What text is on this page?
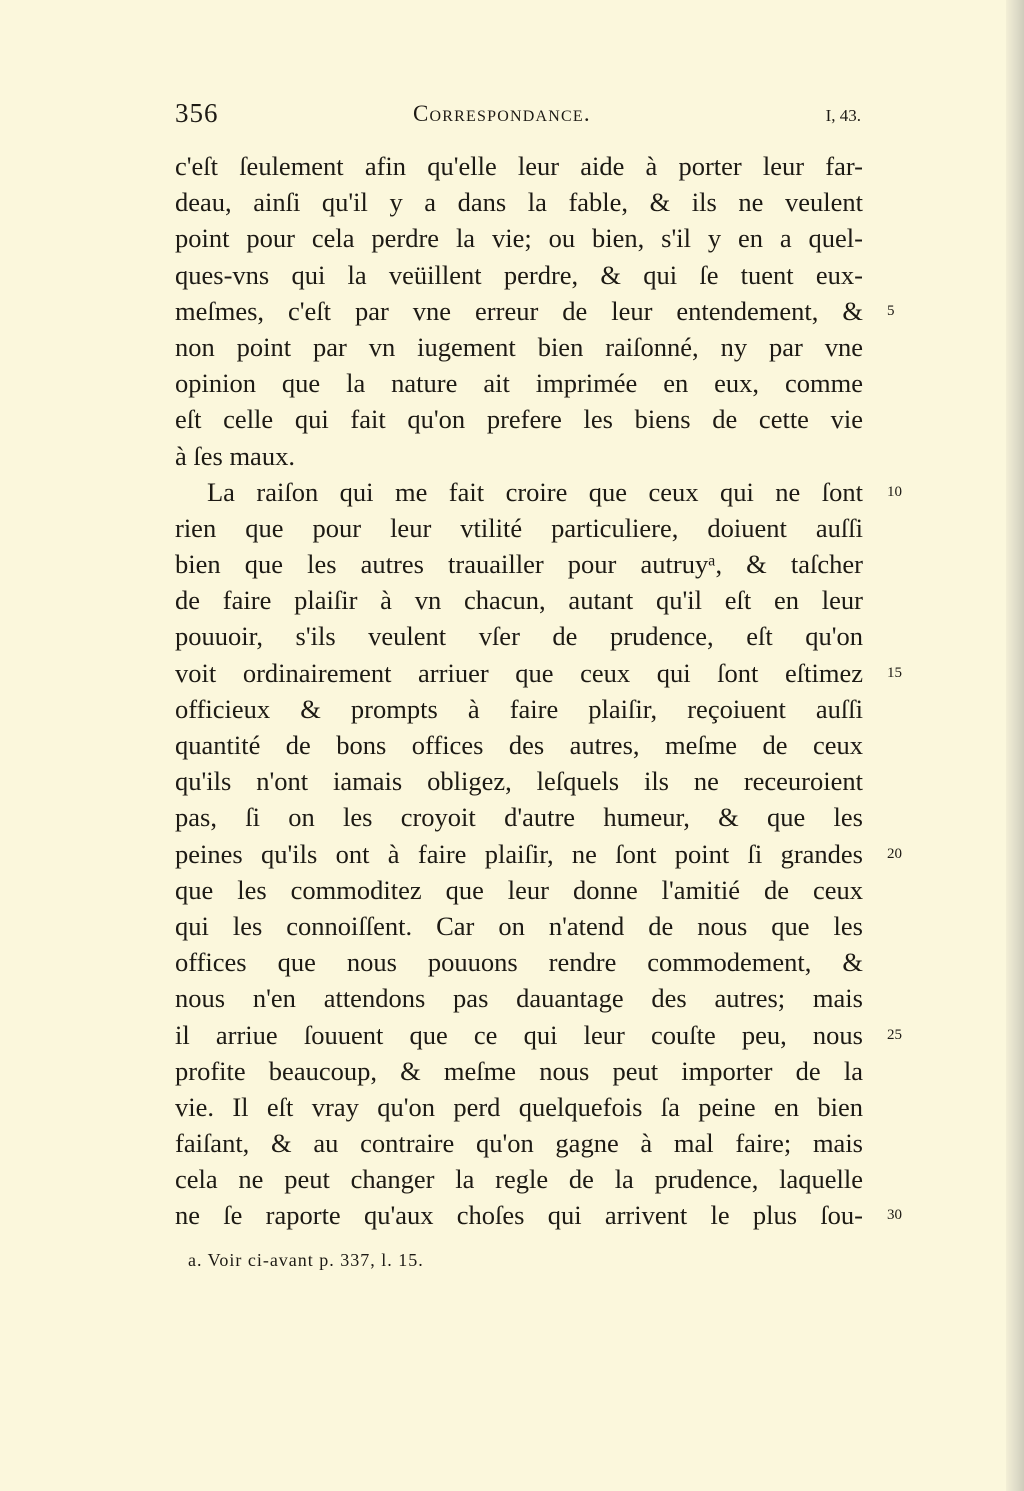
356	Correspondance.	I, 43.
c'eſt ſeulement afin qu'elle leur aide à porter leur far-
deau, ainſi qu'il y a dans la fable, & ils ne veulent
point pour cela perdre la vie; ou bien, s'il y en a quel-
ques-vns qui la veüillent perdre, & qui ſe tuent eux-
meſmes, c'eſt par vne erreur de leur entendement, & 5
non point par vn iugement bien raiſonné, ny par vne
opinion que la nature ait imprimée en eux, comme
eſt celle qui fait qu'on prefere les biens de cette vie
à ſes maux.
La raiſon qui me fait croire que ceux qui ne ſont 10
rien que pour leur vtilité particuliere, doiuent auſſi
bien que les autres trauailler pour autruyᵃ, & taſcher
de faire plaiſir à vn chacun, autant qu'il eſt en leur
pouuoir, s'ils veulent vſer de prudence, eſt qu'on
voit ordinairement arriuer que ceux qui ſont eſtimez 15
officieux & prompts à faire plaiſir, reçoiuent auſſi
quantité de bons offices des autres, meſme de ceux
qu'ils n'ont iamais obligez, leſquels ils ne receuroient
pas, ſi on les croyoit d'autre humeur, & que les
peines qu'ils ont à faire plaiſir, ne ſont point ſi grandes 20
que les commoditez que leur donne l'amitié de ceux
qui les connoiſſent. Car on n'atend de nous que les
offices que nous pouuons rendre commodement, &
nous n'en attendons pas dauantage des autres; mais
il arriue ſouuent que ce qui leur couſte peu, nous 25
profite beaucoup, & meſme nous peut importer de la
vie. Il eſt vray qu'on perd quelquefois ſa peine en bien
faiſant, & au contraire qu'on gagne à mal faire; mais
cela ne peut changer la regle de la prudence, laquelle
ne ſe raporte qu'aux choſes qui arrivent le plus ſou- 30
a. Voir ci-avant p. 337, l. 15.
